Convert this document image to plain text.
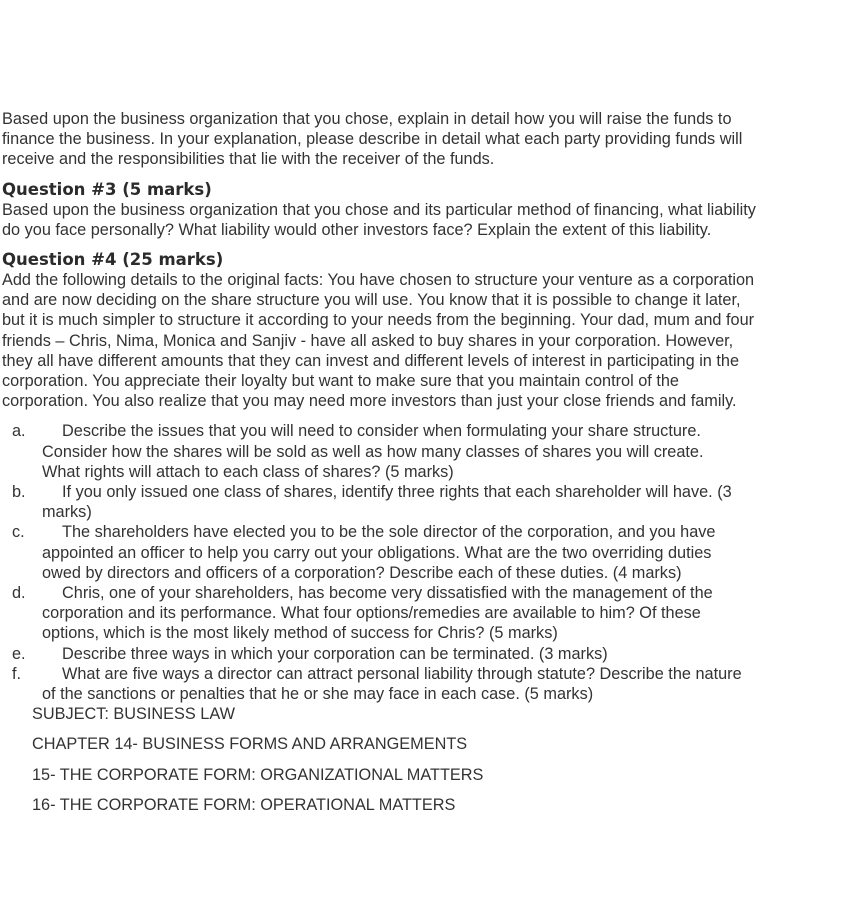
Based upon the business organization that you chose, explain in detail how you will raise the funds to finance the business. In your explanation, please describe in detail what each party providing funds will receive and the responsibilities that lie with the receiver of the funds.

Question #3 (5 marks)

Based upon the business organization that you chose and its particular method of financing, what liability do you face personally? What liability would other investors face? Explain the extent of this liability.

Question #4 (25 marks)

Add the following details to the original facts: You have chosen to structure your venture as a corporation and are now deciding on the share structure you will use. You know that it is possible to change it later, but it is much simpler to structure it according to your needs from the beginning. Your dad, mum and four friends – Chris, Nima, Monica and Sanjiv - have all asked to buy shares in your corporation. However, they all have different amounts that they can invest and different levels of interest in participating in the corporation. You appreciate their loyalty but want to make sure that you maintain control of the corporation. You also realize that you may need more investors than just your close friends and family.

a.	Describe the issues that you will need to consider when formulating your share structure. Consider how the shares will be sold as well as how many classes of shares you will create. What rights will attach to each class of shares? (5 marks)
b.	If you only issued one class of shares, identify three rights that each shareholder will have. (3 marks)
c.	The shareholders have elected you to be the sole director of the corporation, and you have appointed an officer to help you carry out your obligations. What are the two overriding duties owed by directors and officers of a corporation? Describe each of these duties. (4 marks)
d.	Chris, one of your shareholders, has become very dissatisfied with the management of the corporation and its performance. What four options/remedies are available to him? Of these options, which is the most likely method of success for Chris? (5 marks)
e.	Describe three ways in which your corporation can be terminated. (3 marks)
f.	What are five ways a director can attract personal liability through statute? Describe the nature of the sanctions or penalties that he or she may face in each case. (5 marks)

SUBJECT: BUSINESS LAW

CHAPTER 14- BUSINESS FORMS AND ARRANGEMENTS

15- THE CORPORATE FORM: ORGANIZATIONAL MATTERS

16- THE CORPORATE FORM: OPERATIONAL MATTERS
